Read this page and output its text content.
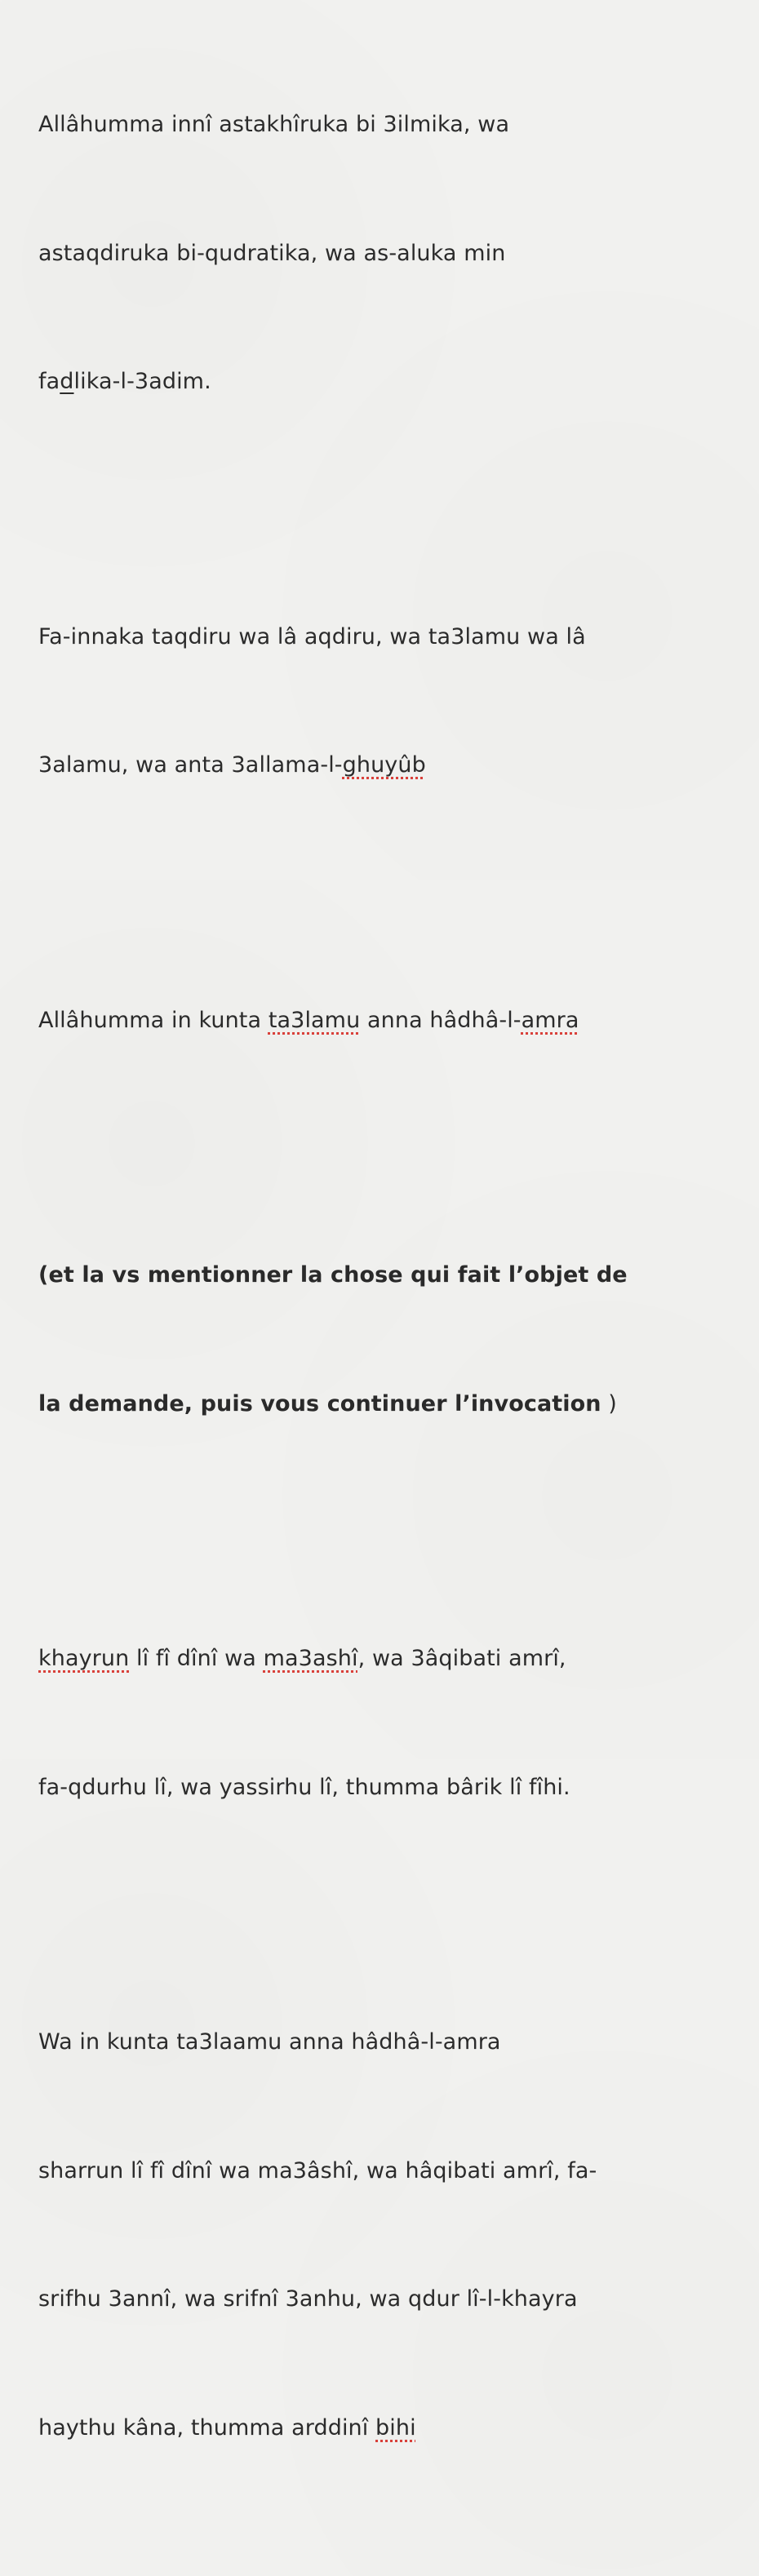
Allâhumma innî astakhîruka bi 3ilmika, wa

astaqdiruka bi-qudratika, wa as-aluka min

fadlika-l-3adim.

Fa-innaka taqdiru wa lâ aqdiru, wa ta3lamu wa lâ

3alamu, wa anta 3allama-l-ghuyûb

Allâhumma in kunta ta3lamu anna hâdhâ-l-amra

(et la vs mentionner la chose qui fait l’objet de

la demande, puis vous continuer l’invocation )

khayrun lî fî dînî wa ma3ashî, wa 3âqibati amrî,

fa-qdurhu lî, wa yassirhu lî, thumma bârik lî fîhi.

Wa in kunta ta3laamu anna hâdhâ-l-amra

sharrun lî fî dînî wa ma3âshî, wa hâqibati amrî, fa-

srifhu 3annî, wa srifnî 3anhu, wa qdur lî-l-khayra

haythu kâna, thumma arddinî bihi
